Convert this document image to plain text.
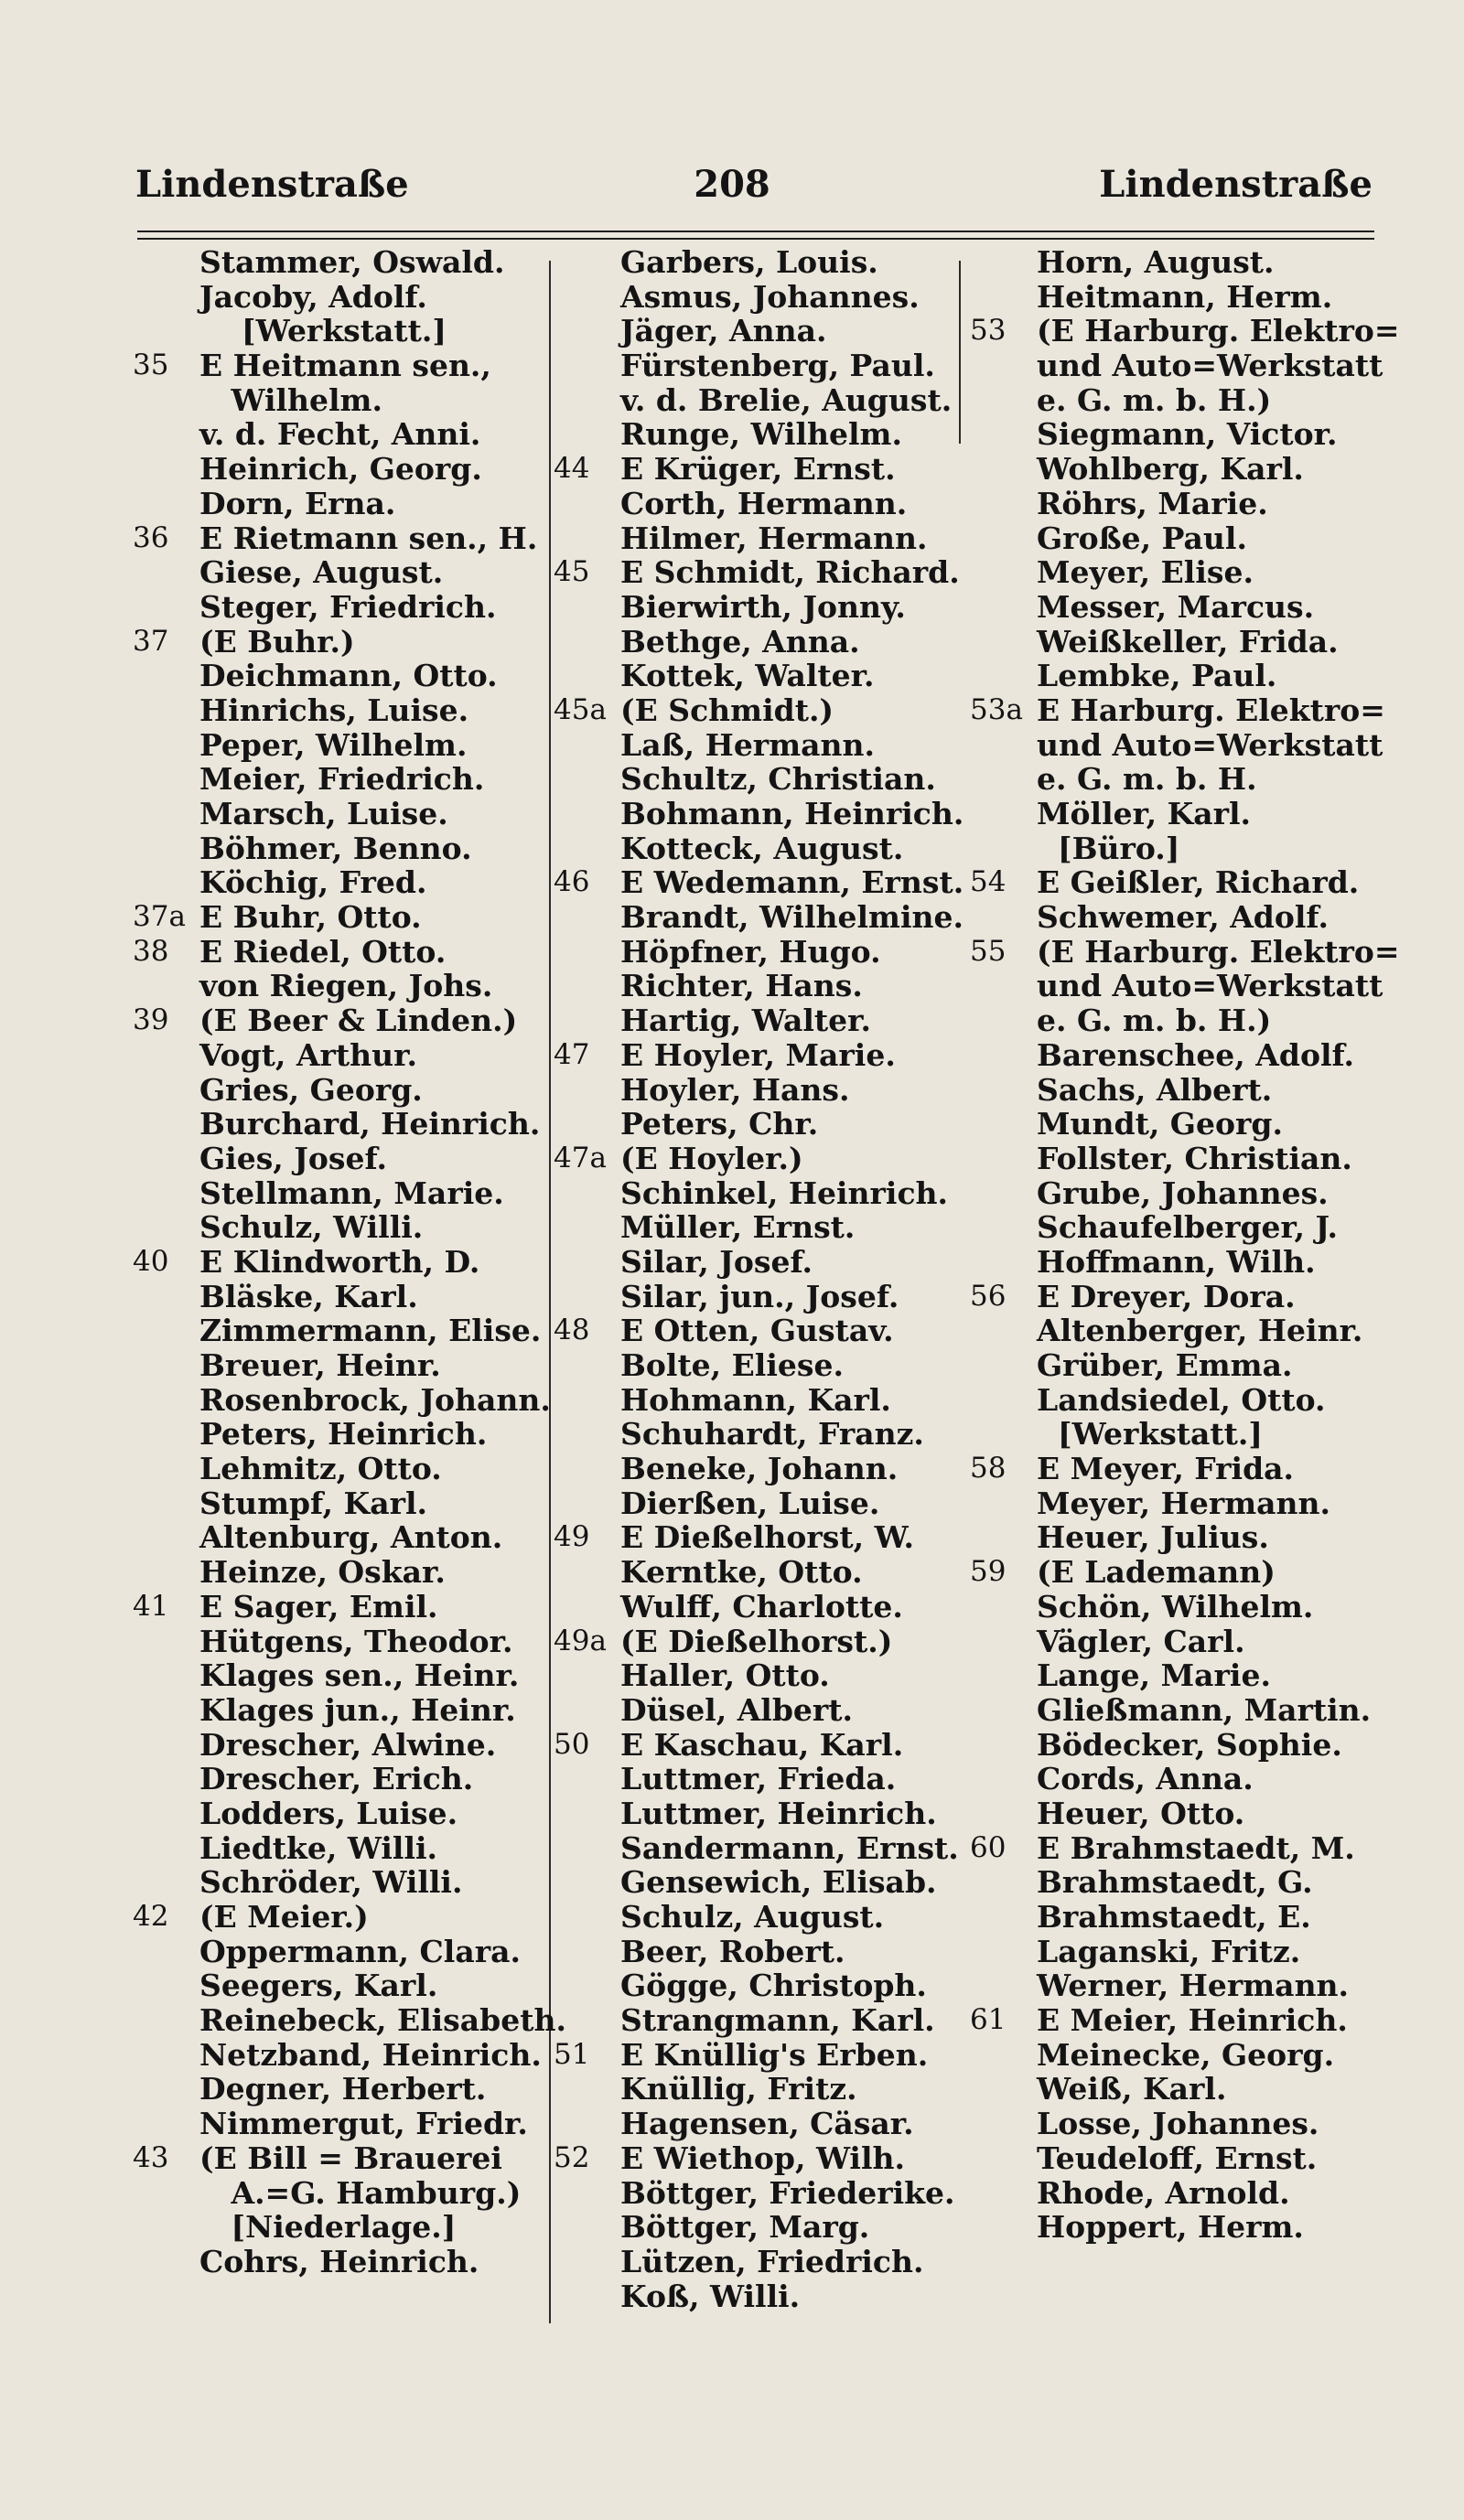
Lindenstraße	208	Lindenstraße
Stammer, Oswald.
Jacoby, Adolf.
[Werkstatt.]
35	E Heitmann sen.,
Wilhelm.
v. d. Fecht, Anni.
Heinrich, Georg.
Dorn, Erna.
36	E Rietmann sen., H.
Giese, August.
Steger, Friedrich.
37	(E Buhr.)
Deichmann, Otto.
Hinrichs, Luise.
Peper, Wilhelm.
Meier, Friedrich.
Marsch, Luise.
Böhmer, Benno.
Köchig, Fred.
37a E Buhr, Otto.
38	E Riedel, Otto.
von Riegen, Johs.
39	(E Beer & Linden.)
Vogt, Arthur.
Gries, Georg.
Burchard, Heinrich.
Gies, Josef.
Stellmann, Marie.
Schulz, Willi.
40	E Klindworth, D.
Bläske, Karl.
Zimmermann, Elise.
Breuer, Heinr.
Rosenbrock, Johann.
Peters, Heinrich.
Lehmitz, Otto.
Stumpf, Karl.
Altenburg, Anton.
Heinze, Oskar.
41	E Sager, Emil.
Hütgens, Theodor.
Klages sen., Heinr.
Klages jun., Heinr.
Drescher, Alwine.
Drescher, Erich.
Lodders, Luise.
Liedtke, Willi.
Schröder, Willi.
42	(E Meier.)
Oppermann, Clara.
Seegers, Karl.
Reinebeck, Elisabeth.
Netzband, Heinrich.
Degner, Herbert.
Nimmergut, Friedr.
43	(E Bill = Brauerei
A.=G. Hamburg.)
[Niederlage.]
Cohrs, Heinrich.
Garbers, Louis.
Asmus, Johannes.
Jäger, Anna.
Fürstenberg, Paul.
v. d. Brelie, August.
Runge, Wilhelm.
44	E Krüger, Ernst.
Corth, Hermann.
Hilmer, Hermann.
45	E Schmidt, Richard.
Bierwirth, Jonny.
Bethge, Anna.
Kottek, Walter.
45a (E Schmidt.)
Laß, Hermann.
Schultz, Christian.
Bohmann, Heinrich.
Kotteck, August.
46	E Wedemann, Ernst.
Brandt, Wilhelmine.
Höpfner, Hugo.
Richter, Hans.
Hartig, Walter.
47	E Hoyler, Marie.
Hoyler, Hans.
Peters, Chr.
47a (E Hoyler.)
Schinkel, Heinrich.
Müller, Ernst.
Silar, Josef.
Silar, jun., Josef.
48	E Otten, Gustav.
Bolte, Eliese.
Hohmann, Karl.
Schuhardt, Franz.
Beneke, Johann.
Dierßen, Luise.
49	E Dießelhorst, W.
Kerntke, Otto.
Wulff, Charlotte.
49a (E Dießelhorst.)
Haller, Otto.
Düsel, Albert.
50	E Kaschau, Karl.
Luttmer, Frieda.
Luttmer, Heinrich.
Sandermann, Ernst.
Gensewich, Elisab.
Schulz, August.
Beer, Robert.
Gögge, Christoph.
Strangmann, Karl.
51	E Knüllig's Erben.
Knüllig, Fritz.
Hagensen, Cäsar.
52	E Wiethop, Wilh.
Böttger, Friederike.
Böttger, Marg.
Lützen, Friedrich.
Koß, Willi.
Horn, August.
Heitmann, Herm.
53	(E Harburg. Elektro=
und Auto=Werkstatt
e. G. m. b. H.)
Siegmann, Victor.
Wohlberg, Karl.
Röhrs, Marie.
Große, Paul.
Meyer, Elise.
Messer, Marcus.
Weißkeller, Frida.
Lembke, Paul.
53a E Harburg. Elektro=
und Auto=Werkstatt
e. G. m. b. H.
Möller, Karl.
[Büro.]
54	E Geißler, Richard.
Schwemer, Adolf.
55	(E Harburg. Elektro=
und Auto=Werkstatt
e. G. m. b. H.)
Barenschee, Adolf.
Sachs, Albert.
Mundt, Georg.
Follster, Christian.
Grube, Johannes.
Schaufelberger, J.
Hoffmann, Wilh.
56	E Dreyer, Dora.
Altenberger, Heinr.
Grüber, Emma.
Landsiedel, Otto.
[Werkstatt.]
58	E Meyer, Frida.
Meyer, Hermann.
Heuer, Julius.
59	(E Lademann)
Schön, Wilhelm.
Vägler, Carl.
Lange, Marie.
Gließmann, Martin.
Bödecker, Sophie.
Cords, Anna.
Heuer, Otto.
60	E Brahmstaedt, M.
Brahmstaedt, G.
Brahmstaedt, E.
Laganski, Fritz.
Werner, Hermann.
61	E Meier, Heinrich.
Meinecke, Georg.
Weiß, Karl.
Losse, Johannes.
Teudeloff, Ernst.
Rhode, Arnold.
Hoppert, Herm.
